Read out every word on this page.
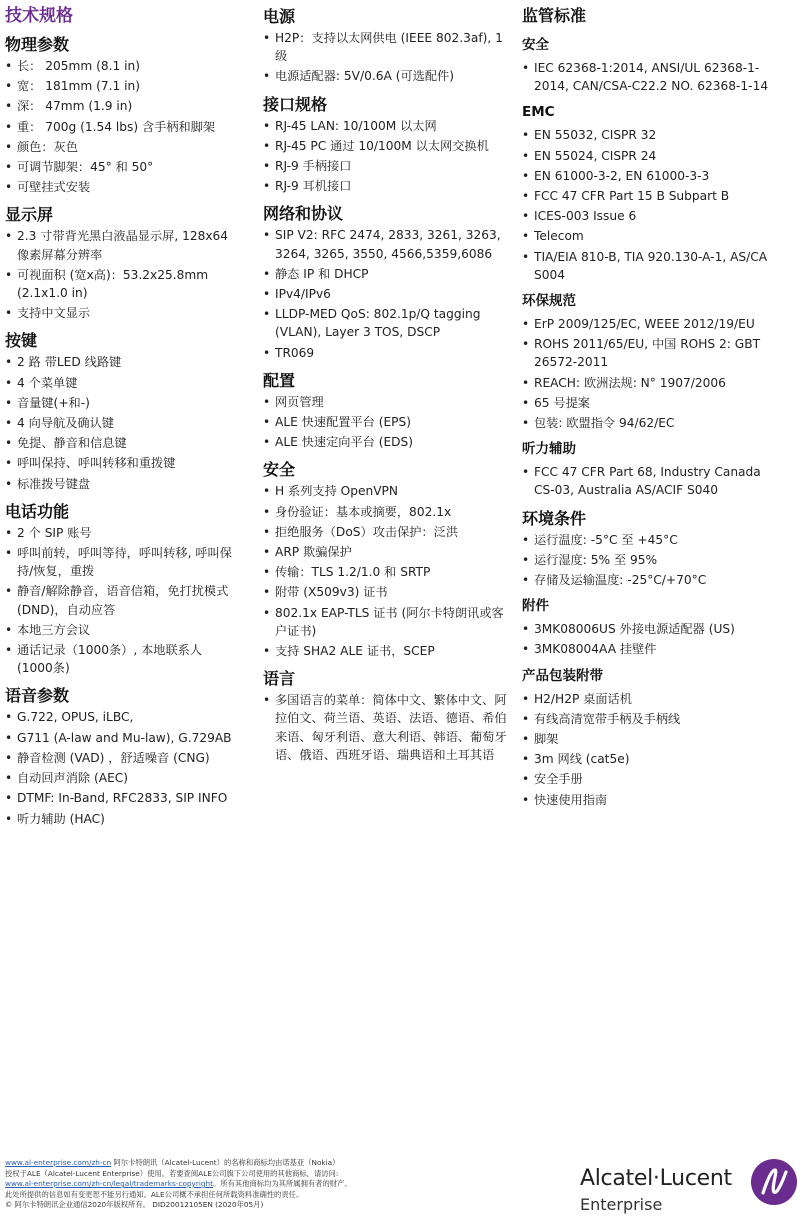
技术规格
物理参数
• 长： 205mm (8.1 in)
• 宽： 181mm (7.1 in)
• 深： 47mm (1.9 in)
• 重： 700g (1.54 lbs) 含手柄和脚架
• 颜色：灰色
• 可调节脚架：45° 和 50°
• 可壁挂式安装
显示屏
• 2.3 寸带背光黑白液晶显示屏, 128x64 像素屏幕分辨率
• 可视面积 (宽x高)：53.2x25.8mm (2.1x1.0 in)
• 支持中文显示
按键
• 2 路 带LED 线路键
• 4 个菜单键
• 音量键(+和-)
• 4 向导航及确认键
• 免提、静音和信息键
• 呼叫保持、呼叫转移和重拨键
• 标准拨号键盘
电话功能
• 2 个 SIP 账号
• 呼叫前转，呼叫等待，呼叫转移, 呼叫保持/恢复，重拨
• 静音/解除静音，语音信箱，免打扰模式 (DND)，自动应答
• 本地三方会议
• 通话记录（1000条）, 本地联系人 (1000条)
语音参数
• G.722, OPUS, iLBC,
• G711 (A-law and Mu-law), G.729AB
• 静音检测 (VAD) ，舒适噪音 (CNG)
• 自动回声消除 (AEC)
• DTMF: In-Band, RFC2833, SIP INFO
• 听力辅助 (HAC)
电源
• H2P：支持以太网供电 (IEEE 802.3af), 1级
• 电源适配器: 5V/0.6A (可选配件)
接口规格
• RJ-45 LAN: 10/100M 以太网
• RJ-45 PC 通过 10/100M 以太网交换机
• RJ-9 手柄接口
• RJ-9 耳机接口
网络和协议
• SIP V2: RFC 2474, 2833, 3261, 3263, 3264, 3265, 3550, 4566,5359,6086
• 静态 IP 和 DHCP
• IPv4/IPv6
• LLDP-MED QoS: 802.1p/Q tagging (VLAN), Layer 3 TOS, DSCP
• TR069
配置
• 网页管理
• ALE 快速配置平台 (EPS)
• ALE 快速定向平台 (EDS)
安全
• H 系列支持 OpenVPN
• 身份验证：基本或摘要，802.1x
• 拒绝服务（DoS）攻击保护：泛洪
• ARP 欺骗保护
• 传输：TLS 1.2/1.0 和 SRTP
• 附带 (X509v3) 证书
• 802.1x EAP-TLS 证书 (阿尔卡特朗讯或客户证书)
• 支持 SHA2 ALE 证书，SCEP
语言
• 多国语言的菜单：简体中文、繁体中文、阿拉伯文、荷兰语、英语、法语、德语、希伯来语、匈牙利语、意大利语、韩语、葡萄牙语、俄语、西班牙语、瑞典语和土耳其语
监管标准
安全
• IEC 62368-1:2014, ANSI/UL 62368-1-2014, CAN/CSA-C22.2 NO. 62368-1-14
EMC
• EN 55032, CISPR 32
• EN 55024, CISPR 24
• EN 61000-3-2, EN 61000-3-3
• FCC 47 CFR Part 15 B Subpart B
• ICES-003 Issue 6
• Telecom
• TIA/EIA 810-B, TIA 920.130-A-1, AS/CA S004
环保规范
• ErP 2009/125/EC, WEEE 2012/19/EU
• ROHS 2011/65/EU, 中国 ROHS 2: GBT 26572-2011
• REACH: 欧洲法规: N° 1907/2006
• 65 号提案
• 包装: 欧盟指令 94/62/EC
听力辅助
• FCC 47 CFR Part 68, Industry Canada CS-03, Australia AS/ACIF S040
环境条件
• 运行温度: -5°C 至 +45°C
• 运行湿度: 5% 至 95%
• 存储及运输温度: -25°C/+70°C
附件
• 3MK08006US 外接电源适配器 (US)
• 3MK08004AA 挂壁件
产品包装附带
• H2/H2P 桌面话机
• 有线高清宽带手柄及手柄线
• 脚架
• 3m 网线 (cat5e)
• 安全手册
• 快速使用指南
www.al-enterprise.com/zh-cn 阿尔卡特朗讯（Alcatel-Lucent）的名称和商标均由诺基亚（Nokia）
授权于ALE（Alcatel-Lucent Enterprise）使用。若要查阅ALE公司旗下公司使用的其他商标，请访问:
www.al-enterprise.com/zh-cn/legal/trademarks-copyright。所有其他商标均为其所属拥有者的财产。
此处所提供的信息如有变更恕不能另行通知。ALE公司概不承担任何所载资料准确性的责任。
© 阿尔卡特朗讯企业通信2020年版权所有。 DID20012105EN (2020年05月)
Alcatel·Lucent
Enterprise
